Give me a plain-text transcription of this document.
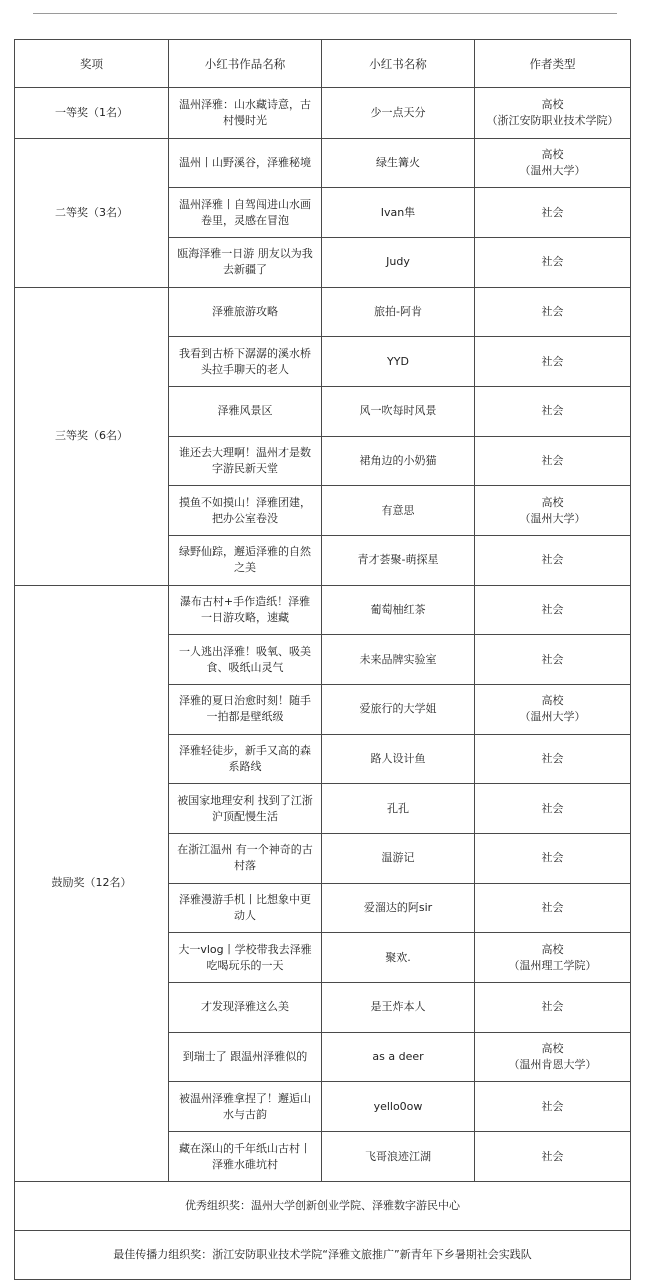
奖项	小红书作品名称	小红书名称	作者类型
一等奖（1名）	温州泽雅：山水藏诗意，古村慢时光	少一点天分	高校
（浙江安防职业技术学院）

二等奖（3名）	温州丨山野溪谷，泽雅秘境	绿生篝火	高校
（温州大学）

	温州泽雅丨自驾闯进山水画卷里，灵感在冒泡	Ivan隼	社会

	瓯海泽雅一日游 朋友以为我去新疆了	Judy	社会

三等奖（6名）	泽雅旅游攻略	旅拍-阿肯	社会

	我看到古桥下潺潺的溪水桥头拉手聊天的老人	YYD	社会

	泽雅风景区	风一吹每时风景	社会

	谁还去大理啊！温州才是数字游民新天堂	裙角边的小奶猫	社会

	摸鱼不如摸山！泽雅团建，把办公室卷没	有意思	高校
（温州大学）

	绿野仙踪，邂逅泽雅的自然之美	青才荟聚-萌探星	社会

鼓励奖（12名）	瀑布古村+手作造纸！泽雅一日游攻略，速藏	葡萄柚红茶	社会

	一人逃出泽雅！吸氧、吸美食、吸纸山灵气	未来品牌实验室	社会

	泽雅的夏日治愈时刻！随手一拍都是壁纸级	爱旅行的大学姐	高校
（温州大学）

	泽雅轻徒步，新手又高的森系路线	路人设计鱼	社会

	被国家地理安利 找到了江浙沪顶配慢生活	孔孔	社会

	在浙江温州 有一个神奇的古村落	温游记	社会

	泽雅漫游手机丨比想象中更动人	爱溜达的阿sir	社会

	大一vlog丨学校带我去泽雅吃喝玩乐的一天	聚欢.	高校
（温州理工学院）

	才发现泽雅这么美	是王炸本人	社会

	到瑞士了 跟温州泽雅似的	as a deer	高校
（温州肯恩大学）

	被温州泽雅拿捏了！邂逅山水与古韵	yello0ow	社会

	藏在深山的千年纸山古村丨泽雅水碓坑村	飞哥浪迹江湖	社会

优秀组织奖：温州大学创新创业学院、泽雅数字游民中心			
最佳传播力组织奖：浙江安防职业技术学院“泽雅文旅推广”新青年下乡暑期社会实践队			
